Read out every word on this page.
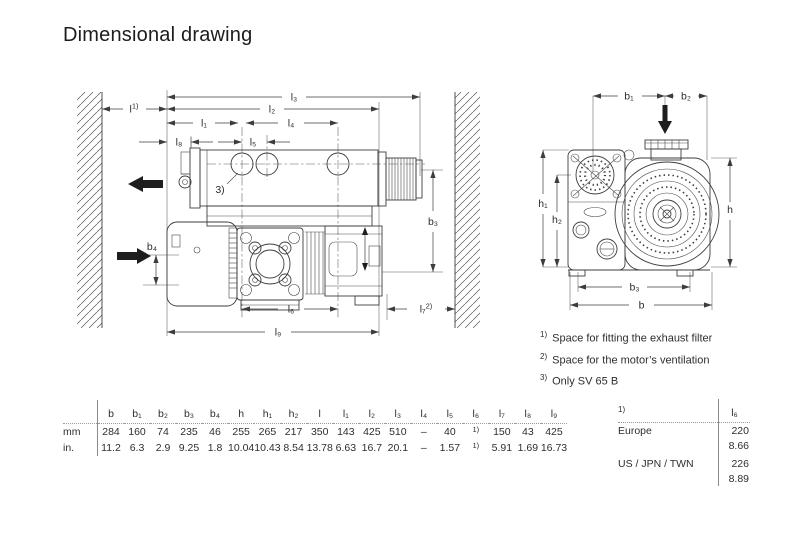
Dimensional drawing
l₃
l₂
$l^{1)}$
l₁	l₄
l₈	l₅
3)
b₃
b₄
l₆
l₉
l₇$^{2)}$
b₁	b₂
h₁
h₂
h
b₃
b
$^{1)}$ Space for fitting the exhaust filter
$^{2)}$ Space for the motor’s ventilation
$^{3)}$ Only SV 65 B
	b	b₁	b₂	b₃	b₄	h	h₁	h₂	l	l₁	l₂	l₃	l₄	l₅	l₆	l₇	l₈	l₉
mm	284	160	74	235	46	255	265	217	350	143	425	510	–	40	$^{1)}$	150	43	425
in.	11.2	6.3	2.9	9.25	1.8	10.04	10.43	8.54	13.78	6.63	16.7	20.1	–	1.57	$^{1)}$	5.91	1.69	16.73
$^{1)}$	l₆
Europe	220
	8.66
US / JPN / TWN	226
	8.89
